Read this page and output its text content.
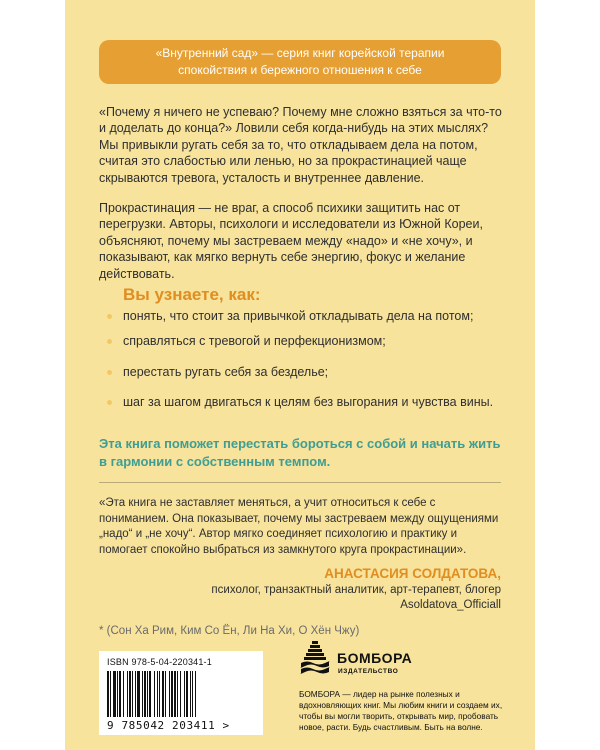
«Внутренний сад» — серия книг корейской терапии спокойствия и бережного отношения к себе
«Почему я ничего не успеваю? Почему мне сложно взяться за что-то и доделать до конца?» Ловили себя когда-нибудь на этих мыслях? Мы привыкли ругать себя за то, что откладываем дела на потом, считая это слабостью или ленью, но за прокрастинацией чаще скрываются тревога, усталость и внутреннее давление.
Прокрастинация — не враг, а способ психики защитить нас от перегрузки. Авторы, психологи и исследователи из Южной Кореи, объясняют, почему мы застреваем между «надо» и «не хочу», и показывают, как мягко вернуть себе энергию, фокус и желание действовать.
Вы узнаете, как:
понять, что стоит за привычкой откладывать дела на потом;
справляться с тревогой и перфекционизмом;
перестать ругать себя за безделье;
шаг за шагом двигаться к целям без выгорания и чувства вины.
Эта книга поможет перестать бороться с собой и начать жить в гармонии с собственным темпом.
«Эта книга не заставляет меняться, а учит относиться к себе с пониманием. Она показывает, почему мы застреваем между ощущениями „надо“ и „не хочу“. Автор мягко соединяет психологию и практику и помогает спокойно выбраться из замкнутого круга прокрастинации».
АНАСТАСИЯ СОЛДАТОВА,
психолог, транзактный аналитик, арт-терапевт, блогер
Asoldatova_Officiall
* (Сон Ха Рим, Ким Со Ён, Ли На Хи, О Хён Чжу)
ISBN 978-5-04-220341-1
9 785042 203411 >
БОМБОРА
ИЗДАТЕЛЬСТВО
БОМБОРА — лидер на рынке полезных и вдохновляющих книг. Мы любим книги и создаем их, чтобы вы могли творить, открывать мир, пробовать новое, расти. Будь счастливым. Быть на волне.
